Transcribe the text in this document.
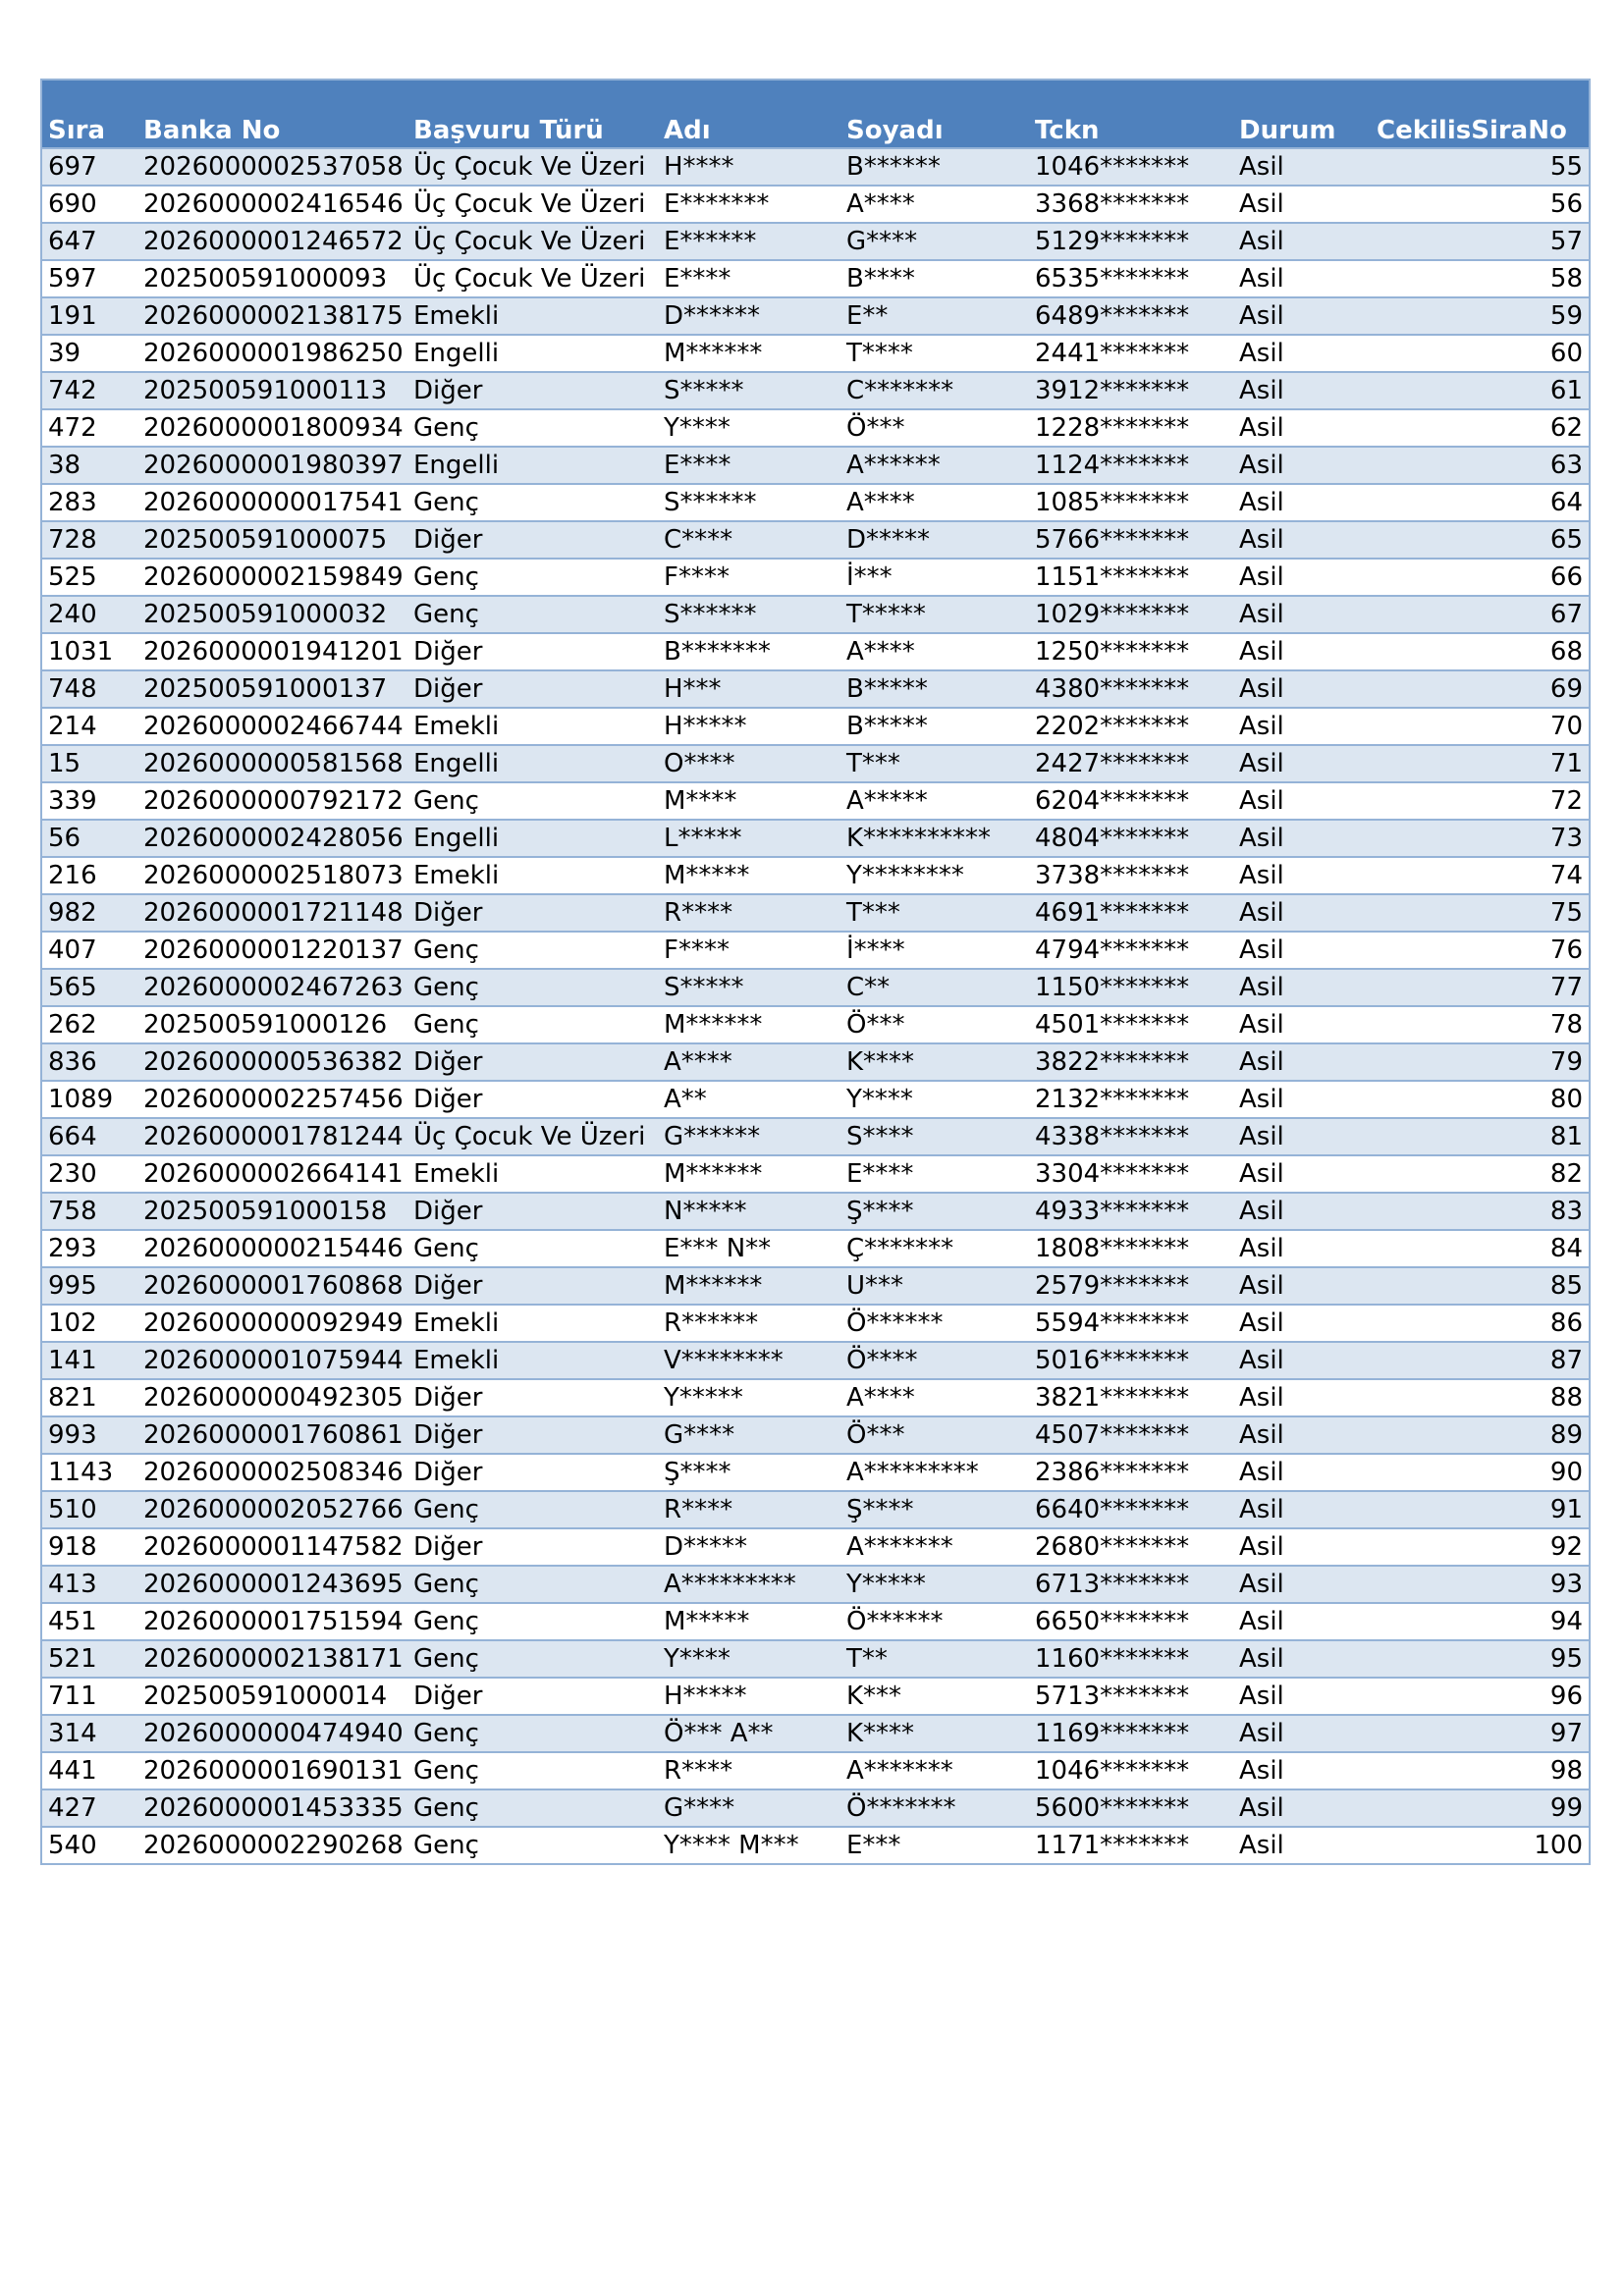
Sıra	Banka No	Başvuru Türü	Adı	Soyadı	Tckn	Durum	CekilisSiraNo
697	2026000002537058	Üç Çocuk Ve Üzeri	H****	B******	1046*******	Asil	55
690	2026000002416546	Üç Çocuk Ve Üzeri	E*******	A****	3368*******	Asil	56
647	2026000001246572	Üç Çocuk Ve Üzeri	E******	G****	5129*******	Asil	57
597	202500591000093	Üç Çocuk Ve Üzeri	E****	B****	6535*******	Asil	58
191	2026000002138175	Emekli	D******	E**	6489*******	Asil	59
39	2026000001986250	Engelli	M******	T****	2441*******	Asil	60
742	202500591000113	Diğer	S*****	C*******	3912*******	Asil	61
472	2026000001800934	Genç	Y****	Ö***	1228*******	Asil	62
38	2026000001980397	Engelli	E****	A******	1124*******	Asil	63
283	2026000000017541	Genç	S******	A****	1085*******	Asil	64
728	202500591000075	Diğer	C****	D*****	5766*******	Asil	65
525	2026000002159849	Genç	F****	İ***	1151*******	Asil	66
240	202500591000032	Genç	S******	T*****	1029*******	Asil	67
1031	2026000001941201	Diğer	B*******	A****	1250*******	Asil	68
748	202500591000137	Diğer	H***	B*****	4380*******	Asil	69
214	2026000002466744	Emekli	H*****	B*****	2202*******	Asil	70
15	2026000000581568	Engelli	O****	T***	2427*******	Asil	71
339	2026000000792172	Genç	M****	A*****	6204*******	Asil	72
56	2026000002428056	Engelli	L*****	K**********	4804*******	Asil	73
216	2026000002518073	Emekli	M*****	Y********	3738*******	Asil	74
982	2026000001721148	Diğer	R****	T***	4691*******	Asil	75
407	2026000001220137	Genç	F****	İ****	4794*******	Asil	76
565	2026000002467263	Genç	S*****	C**	1150*******	Asil	77
262	202500591000126	Genç	M******	Ö***	4501*******	Asil	78
836	2026000000536382	Diğer	A****	K****	3822*******	Asil	79
1089	2026000002257456	Diğer	A**	Y****	2132*******	Asil	80
664	2026000001781244	Üç Çocuk Ve Üzeri	G******	S****	4338*******	Asil	81
230	2026000002664141	Emekli	M******	E****	3304*******	Asil	82
758	202500591000158	Diğer	N*****	Ş****	4933*******	Asil	83
293	2026000000215446	Genç	E*** N**	Ç*******	1808*******	Asil	84
995	2026000001760868	Diğer	M******	U***	2579*******	Asil	85
102	2026000000092949	Emekli	R******	Ö******	5594*******	Asil	86
141	2026000001075944	Emekli	V********	Ö****	5016*******	Asil	87
821	2026000000492305	Diğer	Y*****	A****	3821*******	Asil	88
993	2026000001760861	Diğer	G****	Ö***	4507*******	Asil	89
1143	2026000002508346	Diğer	Ş****	A*********	2386*******	Asil	90
510	2026000002052766	Genç	R****	Ş****	6640*******	Asil	91
918	2026000001147582	Diğer	D*****	A*******	2680*******	Asil	92
413	2026000001243695	Genç	A*********	Y*****	6713*******	Asil	93
451	2026000001751594	Genç	M*****	Ö******	6650*******	Asil	94
521	2026000002138171	Genç	Y****	T**	1160*******	Asil	95
711	202500591000014	Diğer	H*****	K***	5713*******	Asil	96
314	2026000000474940	Genç	Ö*** A**	K****	1169*******	Asil	97
441	2026000001690131	Genç	R****	A*******	1046*******	Asil	98
427	2026000001453335	Genç	G****	Ö*******	5600*******	Asil	99
540	2026000002290268	Genç	Y**** M***	E***	1171*******	Asil	100
